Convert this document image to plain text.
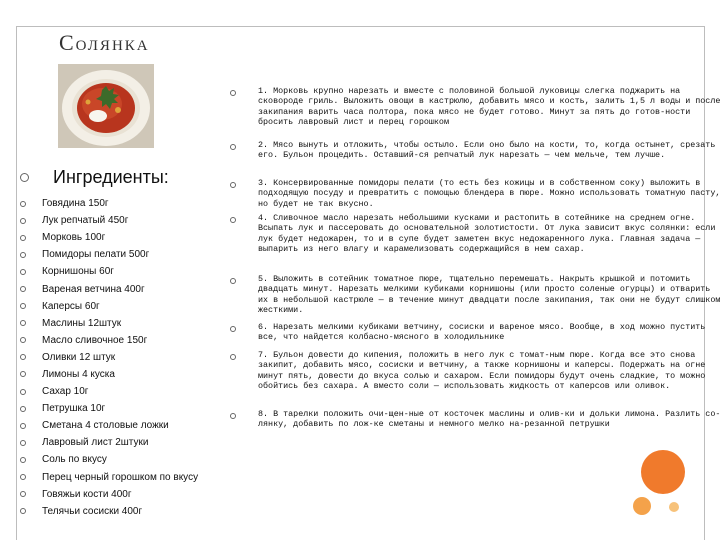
Солянка
Ингредиенты:
Говядина 150г
Лук репчатый 450г
Морковь 100г
Помидоры пелати 500г
Корнишоны 60г
Вареная ветчина 400г
Каперсы 60г
Маслины 12штук
Масло сливочное 150г
Оливки 12 штук
Лимоны 4 куска
Сахар 10г
Петрушка 10г
Сметана 4 столовые ложки
Лавровый лист 2штуки
Соль по вкусу
Перец черный горошком по вкусу
Говяжьи кости 400г
Телячьи сосиски 400г
1. Морковь крупно нарезать и вместе с половиной большой луковицы слегка поджарить на сковороде гриль. Выложить овощи в кастрюлю, добавить мясо и кость, залить 1,5 л воды и после закипания варить часа полтора, пока мясо не будет готово. Минут за пять до готов-ности бросить лавровый лист и перец горошком
2. Мясо вынуть и отложить, чтобы остыло. Если оно было на кости, то, когда остынет, срезать его. Бульон процедить. Оставший-ся репчатый лук нарезать — чем мельче, тем лучше.
3. Консервированные помидоры пелати (то есть без кожицы и в собственном соку) выложить в подходящую посуду и превратить с помощью блендера в пюре. Можно использовать томатную пасту, но будет не так вкусно.
4. Сливочное масло нарезать небольшими кусками и растопить в сотейнике на среднем огне. Всыпать лук и пассеровать до основательной золотистости. От лука зависит вкус солянки: если лук будет недожарен, то и в супе будет заметен вкус недожаренного лука. Главная задача — выпарить из него влагу и карамелизовать содержащийся в нем сахар.
5. Выложить в сотейник томатное пюре, тщательно перемешать. Накрыть крышкой и потомить двадцать минут. Нарезать мелкими кубиками корнишоны (или просто соленые огурцы) и отварить их в небольшой кастрюле — в течение минут двадцати после закипания, так они не будут слишком жесткими.
6. Нарезать мелкими кубиками ветчину, сосиски и вареное мясо. Вообще, в ход можно пустить все, что найдется колбасно-мясного в холодильнике
7. Бульон довести до кипения, положить в него лук с томат-ным пюре. Когда все это снова закипит, добавить мясо, сосиски и ветчину, а также корнишоны и каперсы. Подержать на огне минут пять, довести до вкуса солью и сахаром. Если помидоры будут очень сладкие, то можно обойтись без сахара. А вместо соли — использовать жидкость от каперсов или оливок.
8. В тарелки положить очи-щен-ные от косточек маслины и олив-ки и дольки лимона. Разлить со-лянку, добавить по лож-ке сметаны и немного мелко на-резанной петрушки
